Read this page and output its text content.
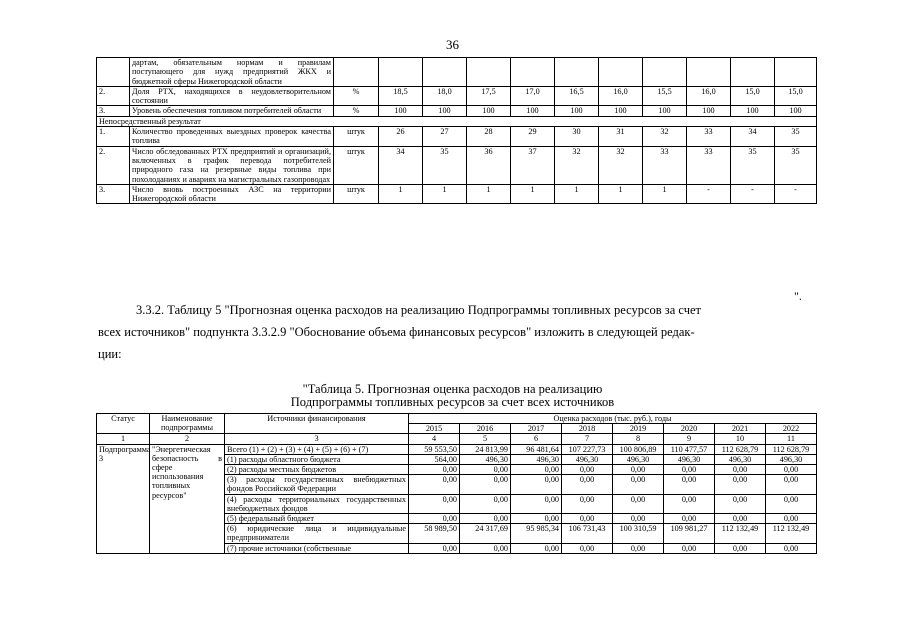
36
	дартам, обязательным нормам и правилам поступающего для нужд предприятий ЖКХ и бюджетной сферы Нижегородской области											
2.	Доля РТХ, находящихся в неудовлетворительном состоянии	%	18,5	18,0	17,5	17,0	16,5	16,0	15,5	16,0	15,0	15,0
3.	Уровень обеспечения топливом потребителей области	%	100	100	100	100	100	100	100	100	100	100
Непосредственный результат												
1.	Количество проведенных выездных проверок качества топлива	штук	26	27	28	29	30	31	32	33	34	35
2.	Число обследованных РТХ предприятий и организаций, включенных в график перевода потребителей природного газа на резервные виды топлива при похолоданиях и авариях на магистральных газопроводах	штук	34	35	36	37	32	32	33	33	35	35
3.	Число вновь построенных АЗС на территории Нижегородской области	штук	1	1	1	1	1	1	1	-	-	-
".

3.3.2. Таблицу 5 "Прогнозная оценка расходов на реализацию Подпрограммы топливных ресурсов за счет

всех источников" подпункта 3.3.2.9 "Обоснование объема финансовых ресурсов" изложить в следующей редак-

ции:

"Таблица 5. Прогнозная оценка расходов на реализацию
Подпрограммы топливных ресурсов за счет всех источников
Статус	Наименование подпрограммы	Источники финансирования	Оценка расходов (тыс. руб.), годы							
			2015	2016	2017	2018	2019	2020	2021	2022
1	2	3	4	5	6	7	8	9	10	11
Подпрограмма 3	"Энергетическая безопасность в сфере использования топливных ресурсов"	Всего (1) + (2) + (3) + (4) + (5) + (6) + (7)	59 553,50	24 813,99	96 481,64	107 227,73	100 806,89	110 477,57	112 628,79	112 628,79
		(1) расходы областного бюджета	564,00	496,30	496,30	496,30	496,30	496,30	496,30	496,30
		(2) расходы местных бюджетов	0,00	0,00	0,00	0,00	0,00	0,00	0,00	0,00
		(3) расходы государственных внебюджетных фондов Российской Федерации	0,00	0,00	0,00	0,00	0,00	0,00	0,00	0,00
		(4) расходы территориальных государственных внебюджетных фондов	0,00	0,00	0,00	0,00	0,00	0,00	0,00	0,00
		(5) федеральный бюджет	0,00	0,00	0,00	0,00	0,00	0,00	0,00	0,00
		(6) юридические лица и индивидуальные предприниматели	58 989,50	24 317,69	95 985,34	106 731,43	100 310,59	109 981,27	112 132,49	112 132,49
		(7) прочие источники (собственные	0,00	0,00	0,00	0,00	0,00	0,00	0,00	0,00
